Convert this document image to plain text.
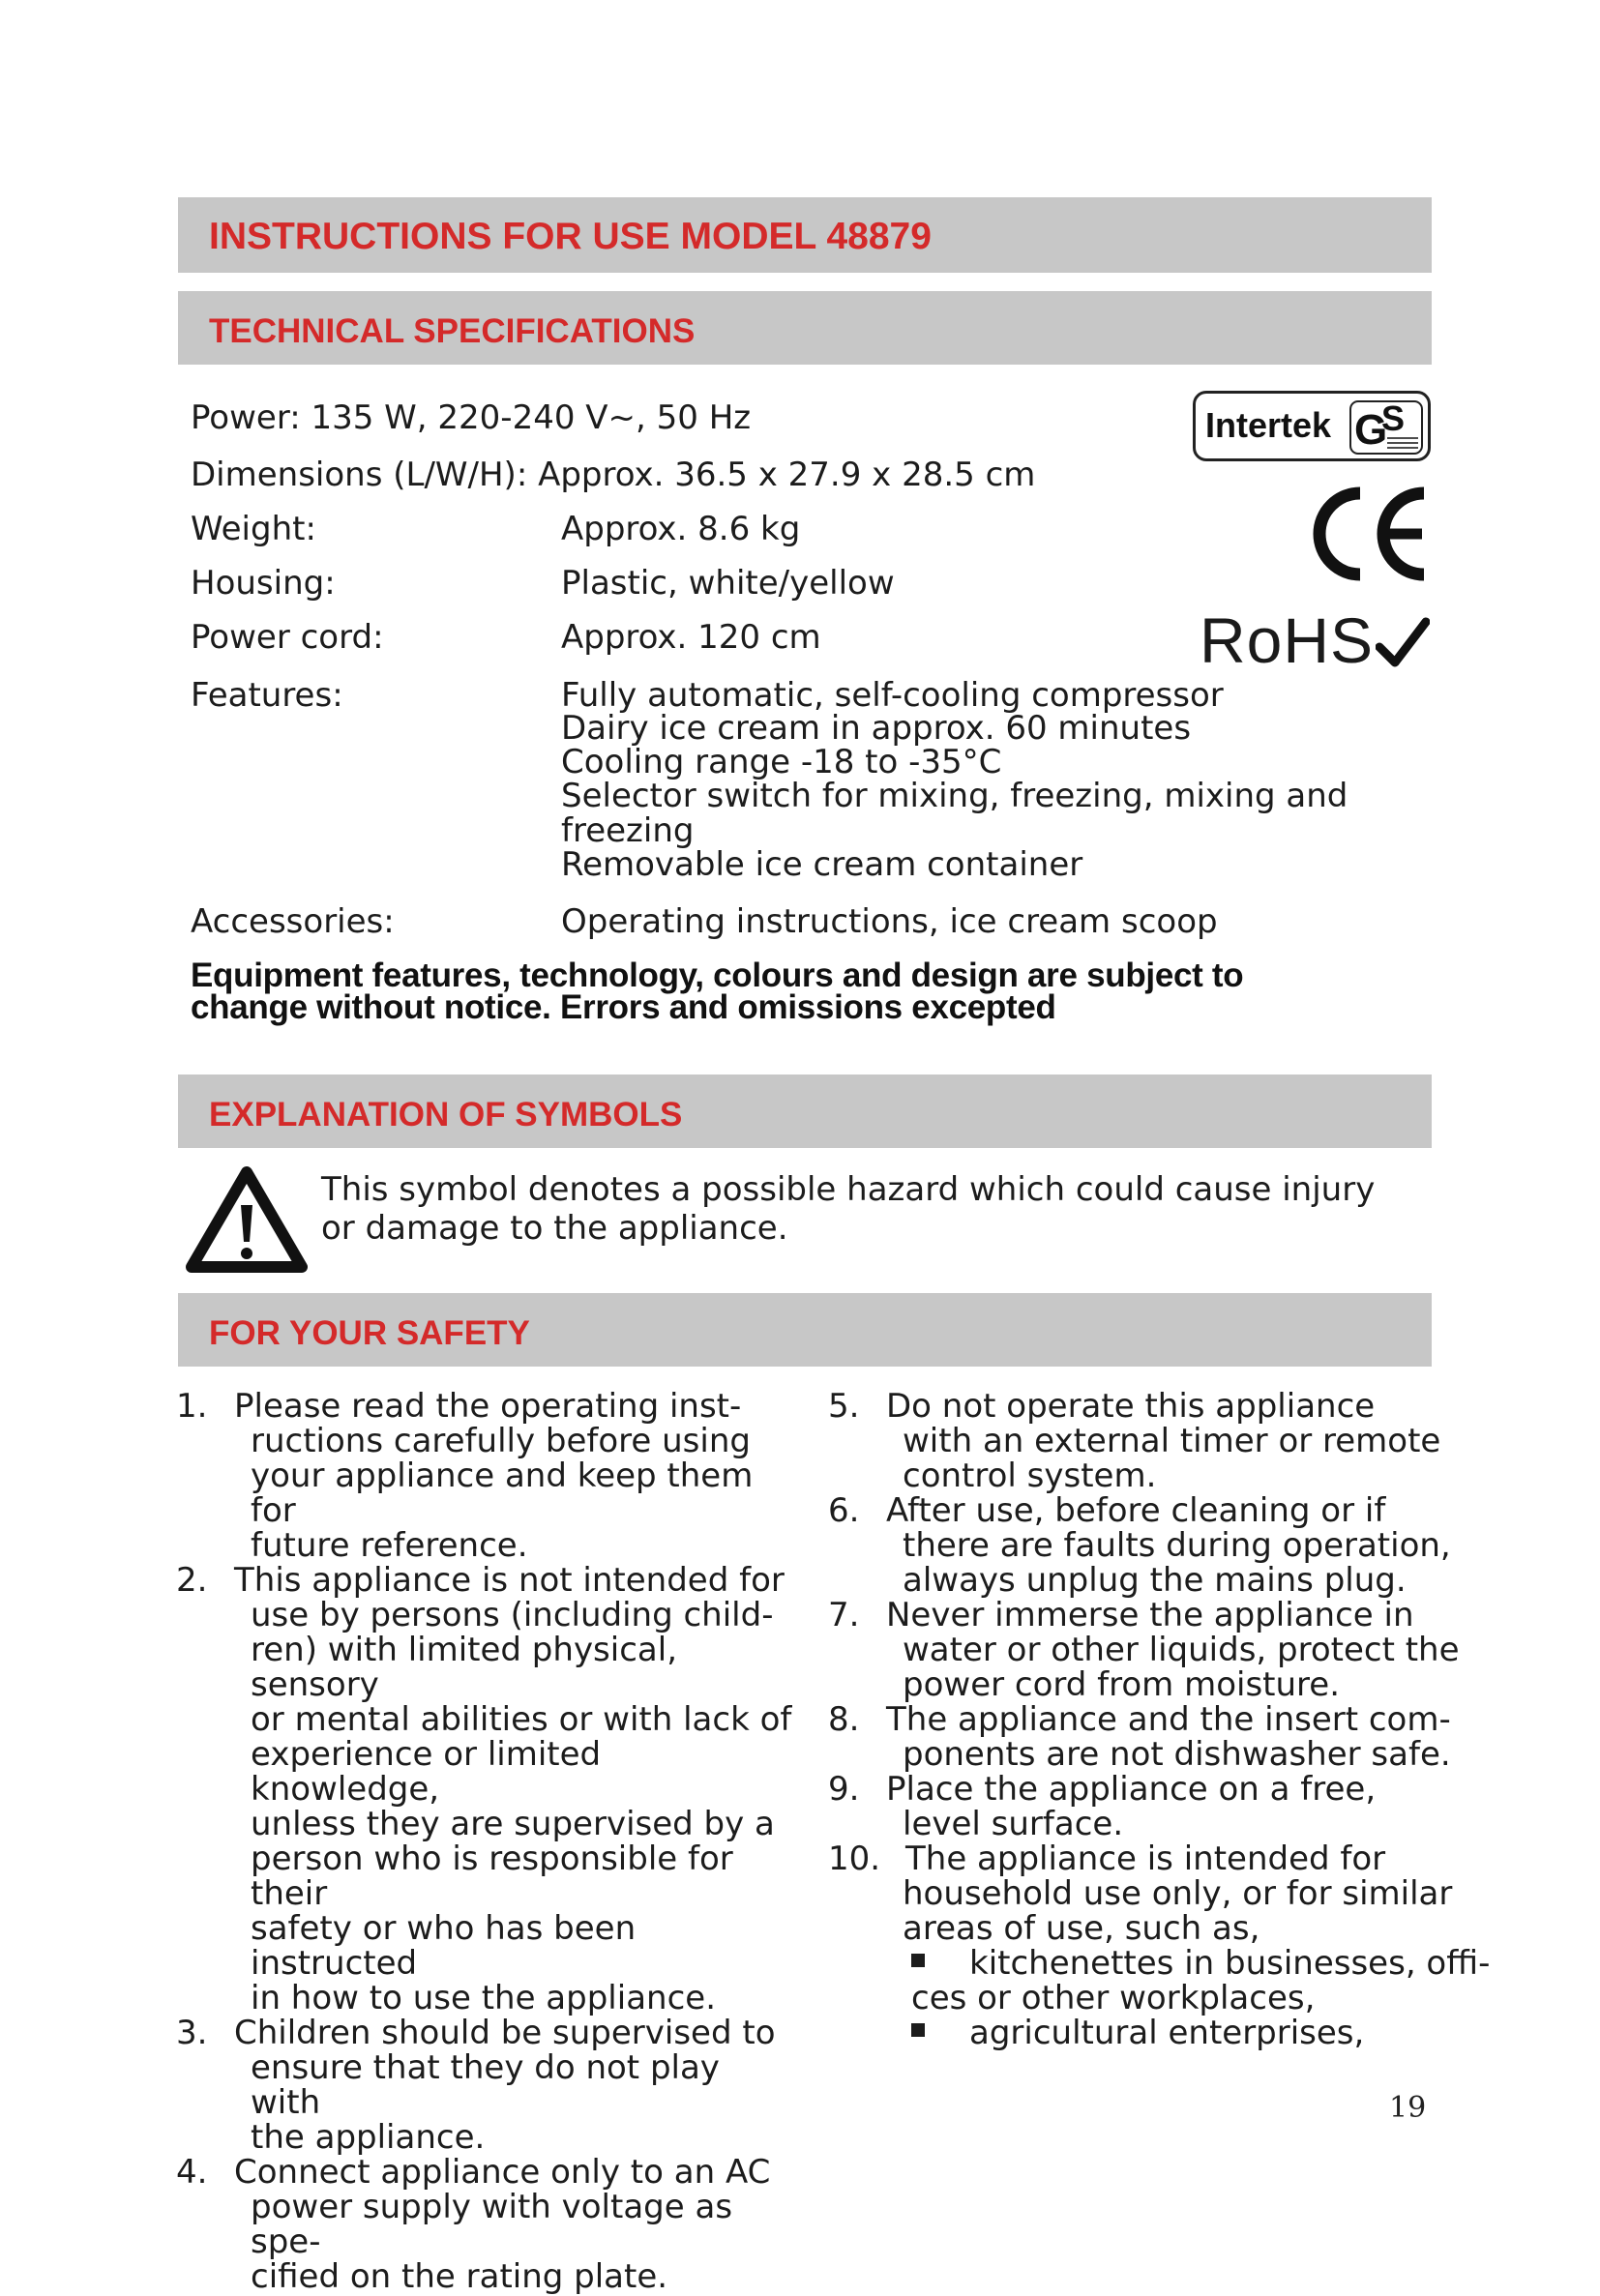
INSTRUCTIONS FOR USE MODEL 48879
TECHNICAL SPECIFICATIONS
Power: 135 W, 220-240 V~, 50 Hz
Dimensions (L/W/H): Approx. 36.5 x 27.9 x 28.5 cm
Weight:	Approx. 8.6 kg
Housing:	Plastic, white/yellow
Power cord:	Approx. 120 cm
Features:	Fully automatic, self-cooling compressor
Dairy ice cream in approx. 60 minutes
Cooling range -18 to -35°C
Selector switch for mixing, freezing, mixing and
freezing
Removable ice cream container
Accessories:	Operating instructions, ice cream scoop
Equipment features, technology, colours and design are subject to change without notice. Errors and omissions excepted
Intertek G
S
RoHS
EXPLANATION OF SYMBOLS
This symbol denotes a possible hazard which could cause injury or damage to the appliance.
FOR YOUR SAFETY
1. Please read the operating inst-
ructions carefully before using
your appliance and keep them for
future reference.
2. This appliance is not intended for
use by persons (including child-
ren) with limited physical, sensory
or mental abilities or with lack of
experience or limited knowledge,
unless they are supervised by a
person who is responsible for their
safety or who has been instructed
in how to use the appliance.
3. Children should be supervised to
ensure that they do not play with
the appliance.
4. Connect appliance only to an AC
power supply with voltage as spe-
cified on the rating plate.
5. Do not operate this appliance
with an external timer or remote
control system.
6. After use, before cleaning or if
there are faults during operation,
always unplug the mains plug.
7. Never immerse the appliance in
water or other liquids, protect the
power cord from moisture.
8. The appliance and the insert com-
ponents are not dishwasher safe.
9. Place the appliance on a free,
level surface.
10. The appliance is intended for
household use only, or for similar
areas of use, such as,
kitchenettes in businesses, offi-
ces or other workplaces,
agricultural enterprises,
19
